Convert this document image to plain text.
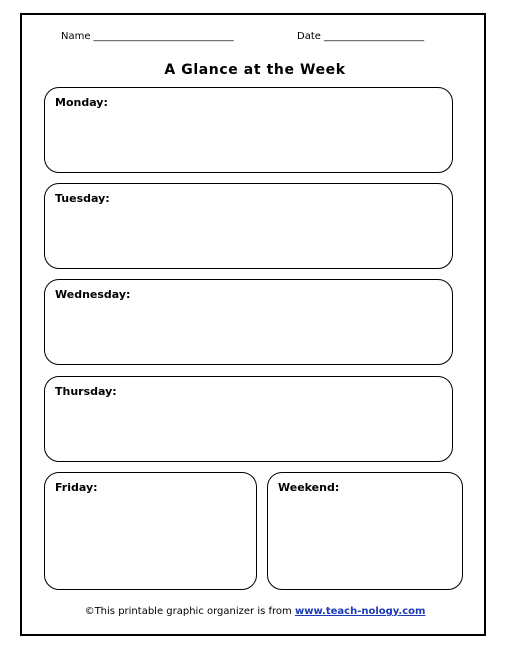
Name ____________________________	Date ____________________
A Glance at the Week
Monday:
Tuesday:
Wednesday:
Thursday:
Friday:	Weekend:
©This printable graphic organizer is from www.teach-nology.com
